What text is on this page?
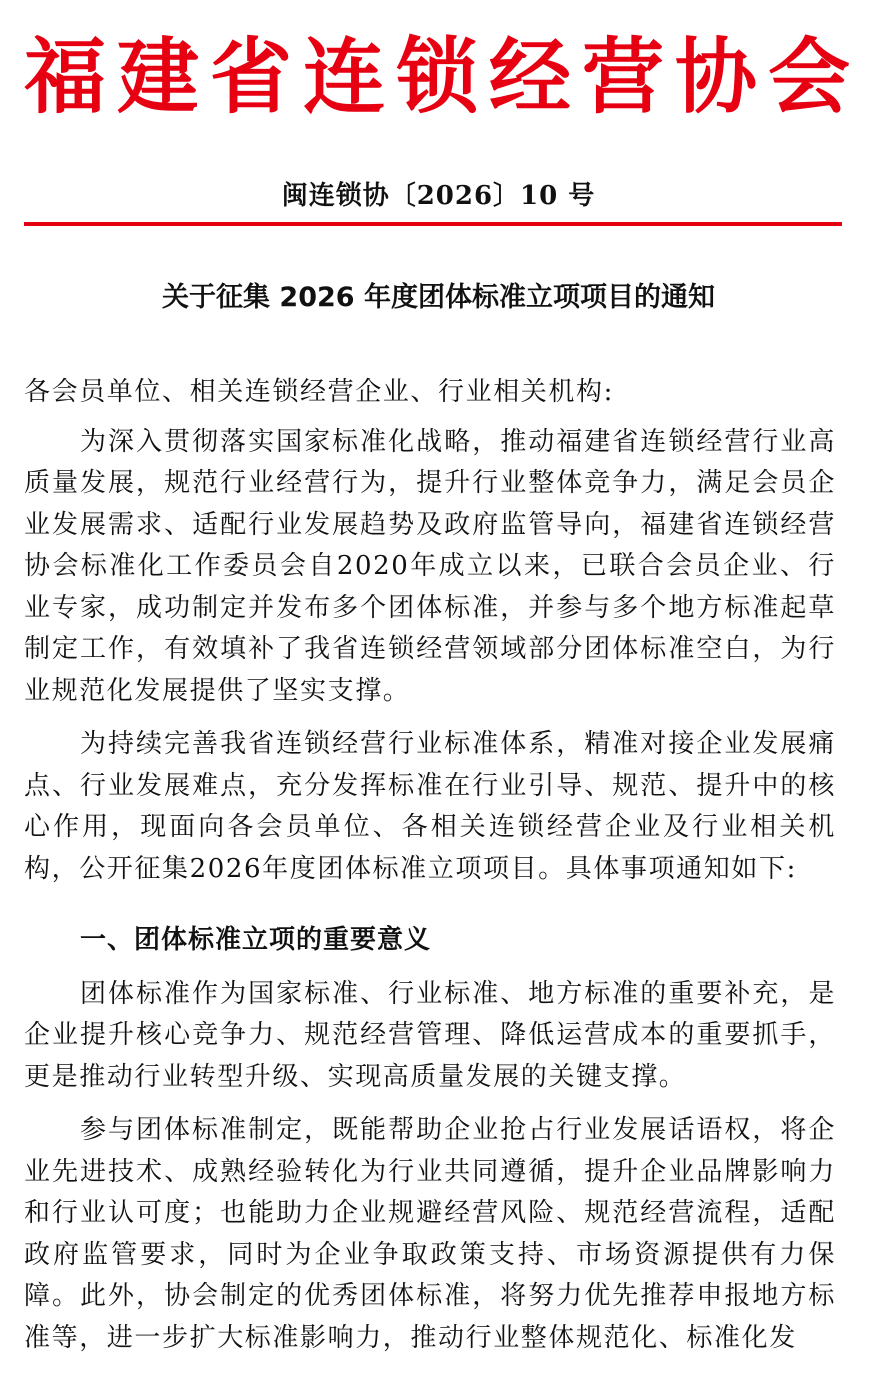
福 建 省 连 锁 经 营 协 会
闽连锁协〔2026〕10 号
关于征集 2026 年度团体标准立项项目的通知

各会员单位、相关连锁经营企业、行业相关机构:

为深入贯彻落实国家标准化战略，推动福建省连锁经营行业高质量发展，规范行业经营行为，提升行业整体竞争力，满足会员企业发展需求、适配行业发展趋势及政府监管导向，福建省连锁经营协会标准化工作委员会自2020年成立以来，已联合会员企业、行业专家，成功制定并发布多个团体标准，并参与多个地方标准起草制定工作，有效填补了我省连锁经营领域部分团体标准空白，为行业规范化发展提供了坚实支撑。

为持续完善我省连锁经营行业标准体系，精准对接企业发展痛点、行业发展难点，充分发挥标准在行业引导、规范、提升中的核心作用，现面向各会员单位、各相关连锁经营企业及行业相关机构，公开征集2026年度团体标准立项项目。具体事项通知如下:

一、团体标准立项的重要意义

团体标准作为国家标准、行业标准、地方标准的重要补充，是企业提升核心竞争力、规范经营管理、降低运营成本的重要抓手，更是推动行业转型升级、实现高质量发展的关键支撑。

参与团体标准制定，既能帮助企业抢占行业发展话语权，将企业先进技术、成熟经验转化为行业共同遵循，提升企业品牌影响力和行业认可度；也能助力企业规避经营风险、规范经营流程，适配政府监管要求，同时为企业争取政策支持、市场资源提供有力保障。此外，协会制定的优秀团体标准，将努力优先推荐申报地方标准等，进一步扩大标准影响力，推动行业整体规范化、标准化发
